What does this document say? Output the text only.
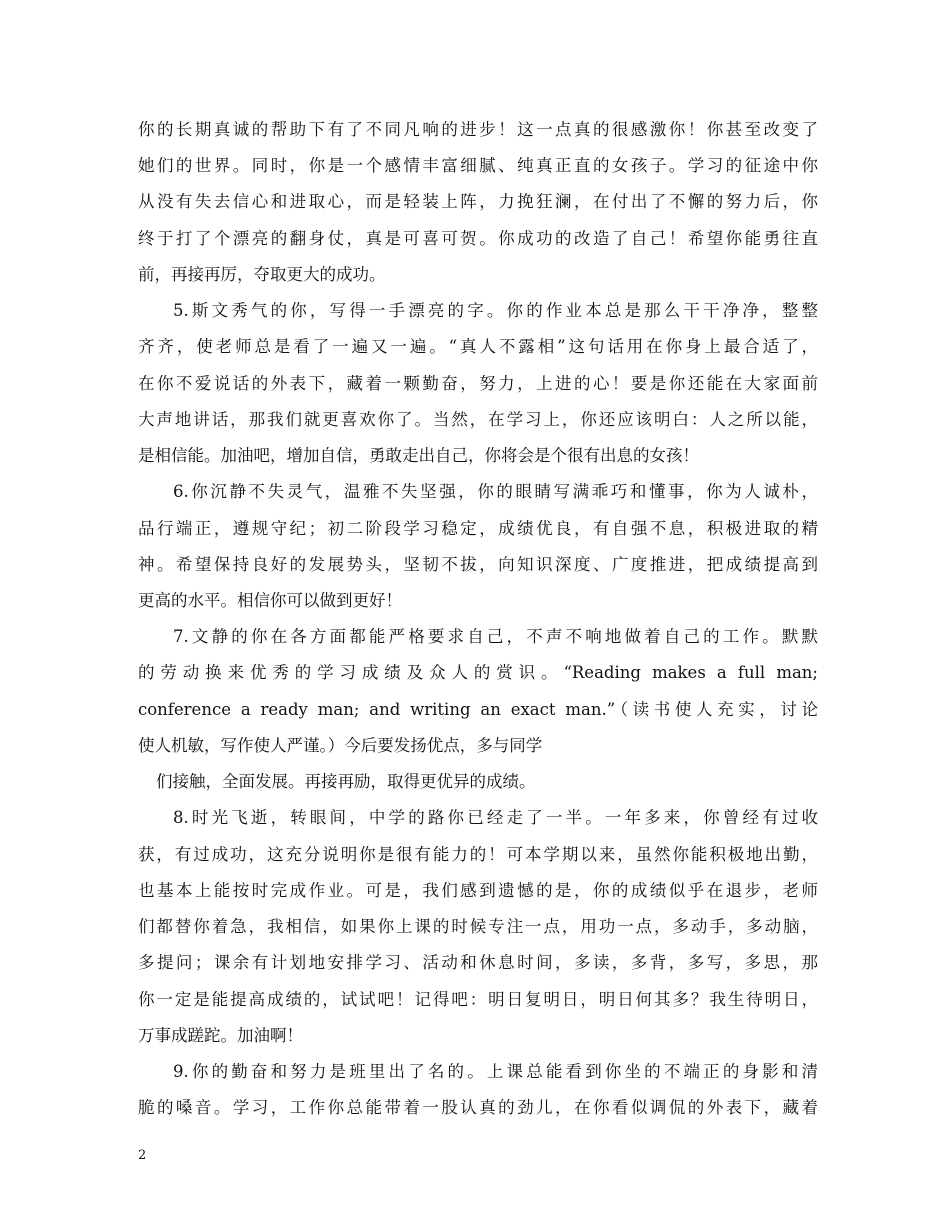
你的长期真诚的帮助下有了不同凡响的进步！这一点真的很感激你！你甚至改变了
她们的世界。同时，你是一个感情丰富细腻、纯真正直的女孩子。学习的征途中你
从没有失去信心和进取心，而是轻装上阵，力挽狂澜，在付出了不懈的努力后，你
终于打了个漂亮的翻身仗，真是可喜可贺。你成功的改造了自己！希望你能勇往直
前，再接再厉，夺取更大的成功。
5.斯文秀气的你，写得一手漂亮的字。你的作业本总是那么干干净净，整整
齐齐，使老师总是看了一遍又一遍。“真人不露相”这句话用在你身上最合适了，
在你不爱说话的外表下，藏着一颗勤奋，努力，上进的心！要是你还能在大家面前
大声地讲话，那我们就更喜欢你了。当然，在学习上，你还应该明白：人之所以能，
是相信能。加油吧，增加自信，勇敢走出自己，你将会是个很有出息的女孩！
6.你沉静不失灵气，温雅不失坚强，你的眼睛写满乖巧和懂事，你为人诚朴，
品行端正，遵规守纪；初二阶段学习稳定，成绩优良，有自强不息，积极进取的精
神。希望保持良好的发展势头，坚韧不拔，向知识深度、广度推进，把成绩提高到
更高的水平。相信你可以做到更好！
7.文静的你在各方面都能严格要求自己，不声不响地做着自己的工作。默默
的劳动换来优秀的学习成绩及众人的赏识。“Reading makes a full man;
conference a ready man; and writing an exact man.”（读书使人充实，讨论
使人机敏，写作使人严谨。）今后要发扬优点，多与同学
们接触，全面发展。再接再励，取得更优异的成绩。
8.时光飞逝，转眼间，中学的路你已经走了一半。一年多来，你曾经有过收
获，有过成功，这充分说明你是很有能力的！可本学期以来，虽然你能积极地出勤，
也基本上能按时完成作业。可是，我们感到遗憾的是，你的成绩似乎在退步，老师
们都替你着急，我相信，如果你上课的时候专注一点，用功一点，多动手，多动脑，
多提问；课余有计划地安排学习、活动和休息时间，多读，多背，多写，多思，那
你一定是能提高成绩的，试试吧！记得吧：明日复明日，明日何其多？我生待明日，
万事成蹉跎。加油啊！
9.你的勤奋和努力是班里出了名的。上课总能看到你坐的不端正的身影和清
脆的嗓音。学习，工作你总能带着一股认真的劲儿，在你看似调侃的外表下，藏着
2
